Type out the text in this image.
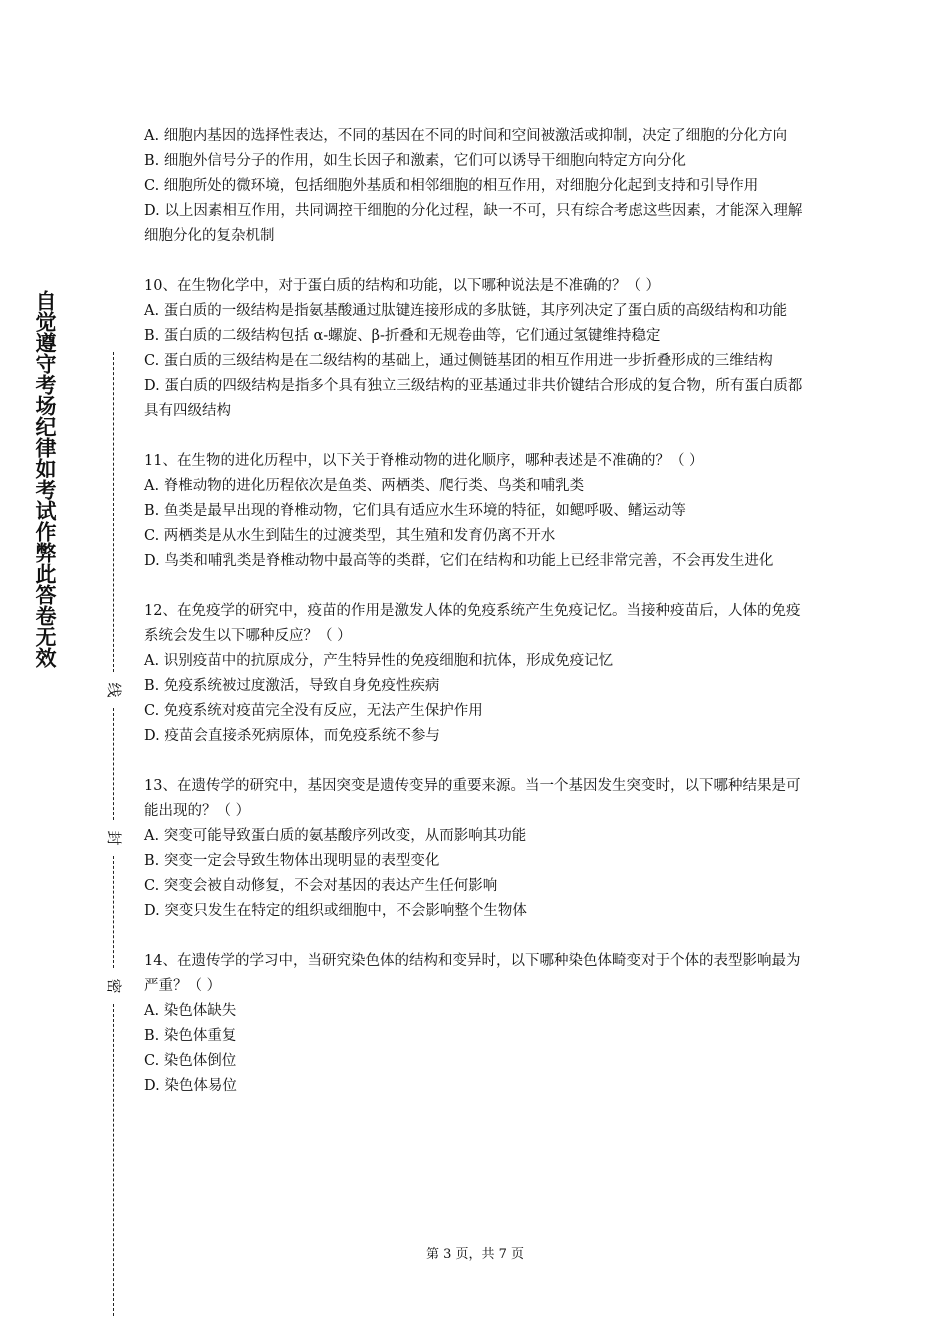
自觉遵守考场纪律如考试作弊此答卷无效
线
封
密

A. 细胞内基因的选择性表达，不同的基因在不同的时间和空间被激活或抑制，决定了细胞的分化方向

B. 细胞外信号分子的作用，如生长因子和激素，它们可以诱导干细胞向特定方向分化

C. 细胞所处的微环境，包括细胞外基质和相邻细胞的相互作用，对细胞分化起到支持和引导作用

D. 以上因素相互作用，共同调控干细胞的分化过程，缺一不可，只有综合考虑这些因素，才能深入理解细胞分化的复杂机制

10、在生物化学中，对于蛋白质的结构和功能，以下哪种说法是不准确的？（ ）

A. 蛋白质的一级结构是指氨基酸通过肽键连接形成的多肽链，其序列决定了蛋白质的高级结构和功能

B. 蛋白质的二级结构包括 α-螺旋、β-折叠和无规卷曲等，它们通过氢键维持稳定

C. 蛋白质的三级结构是在二级结构的基础上，通过侧链基团的相互作用进一步折叠形成的三维结构

D. 蛋白质的四级结构是指多个具有独立三级结构的亚基通过非共价键结合形成的复合物，所有蛋白质都具有四级结构

11、在生物的进化历程中，以下关于脊椎动物的进化顺序，哪种表述是不准确的？（ ）

A. 脊椎动物的进化历程依次是鱼类、两栖类、爬行类、鸟类和哺乳类

B. 鱼类是最早出现的脊椎动物，它们具有适应水生环境的特征，如鳃呼吸、鳍运动等

C. 两栖类是从水生到陆生的过渡类型，其生殖和发育仍离不开水

D. 鸟类和哺乳类是脊椎动物中最高等的类群，它们在结构和功能上已经非常完善，不会再发生进化

12、在免疫学的研究中，疫苗的作用是激发人体的免疫系统产生免疫记忆。当接种疫苗后，人体的免疫系统会发生以下哪种反应？（ ）

A. 识别疫苗中的抗原成分，产生特异性的免疫细胞和抗体，形成免疫记忆

B. 免疫系统被过度激活，导致自身免疫性疾病

C. 免疫系统对疫苗完全没有反应，无法产生保护作用

D. 疫苗会直接杀死病原体，而免疫系统不参与

13、在遗传学的研究中，基因突变是遗传变异的重要来源。当一个基因发生突变时，以下哪种结果是可能出现的？（ ）

A. 突变可能导致蛋白质的氨基酸序列改变，从而影响其功能

B. 突变一定会导致生物体出现明显的表型变化

C. 突变会被自动修复，不会对基因的表达产生任何影响

D. 突变只发生在特定的组织或细胞中，不会影响整个生物体

14、在遗传学的学习中，当研究染色体的结构和变异时，以下哪种染色体畸变对于个体的表型影响最为严重？（ ）

A. 染色体缺失

B. 染色体重复

C. 染色体倒位

D. 染色体易位

第 3 页，共 7 页
